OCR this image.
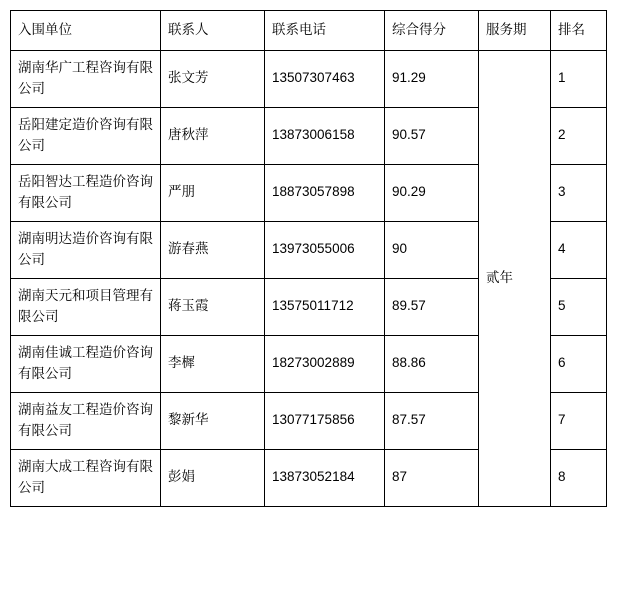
入围单位	联系人	联系电话	综合得分	服务期	排名
湖南华广工程咨询有限公司	张文芳	13507307463	91.29	贰年	1
岳阳建定造价咨询有限公司	唐秋萍	13873006158	90.57		2
岳阳智达工程造价咨询有限公司	严朋	18873057898	90.29		3
湖南明达造价咨询有限公司	游春燕	13973055006	90		4
湖南天元和项目管理有限公司	蒋玉霞	13575011712	89.57		5
湖南佳诚工程造价咨询有限公司	李樨	18273002889	88.86		6
湖南益友工程造价咨询有限公司	黎新华	13077175856	87.57		7
湖南大成工程咨询有限公司	彭娟	13873052184	87		8
